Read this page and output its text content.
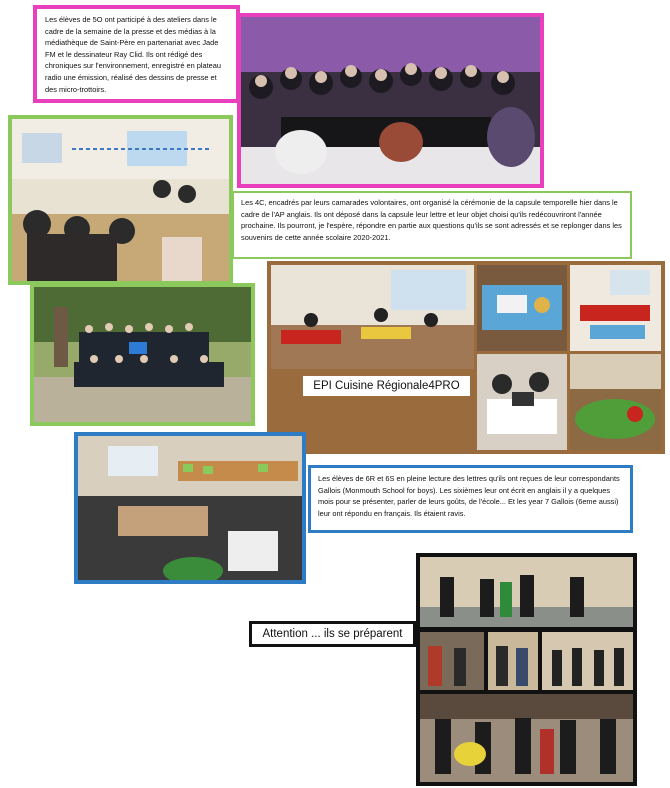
Les élèves de 5O ont participé à des ateliers dans le cadre de la semaine de la presse et des médias à la médiathèque de Saint-Père en partenariat avec Jade FM et le dessinateur Ray Clid. Ils ont rédigé des chroniques sur l'environnement, enregistré en plateau radio une émission, réalisé des dessins de presse et des micro-trottoirs.
Les 4C, encadrés par leurs camarades volontaires, ont organisé la cérémonie de la capsule temporelle hier dans le cadre de l'AP anglais. Ils ont déposé dans la capsule leur lettre et leur objet choisi qu'ils redécouvriront l'année prochaine. Ils pourront, je l'espère, répondre en partie aux questions qu'ils se sont adressés et se replonger dans les souvenirs de cette année scolaire 2020-2021.
EPI Cuisine Régionale4PRO
Les élèves de 6R et 6S en pleine lecture des lettres qu'ils ont reçues de leur correspondants Gallois (Monmouth School for boys). Les sixièmes leur ont écrit en anglais il y a quelques mois pour se présenter, parler de leurs goûts, de l'école... Et les year 7 Gallois (6eme aussi) leur ont répondu en français. Ils étaient ravis.
Attention ... ils se préparent
